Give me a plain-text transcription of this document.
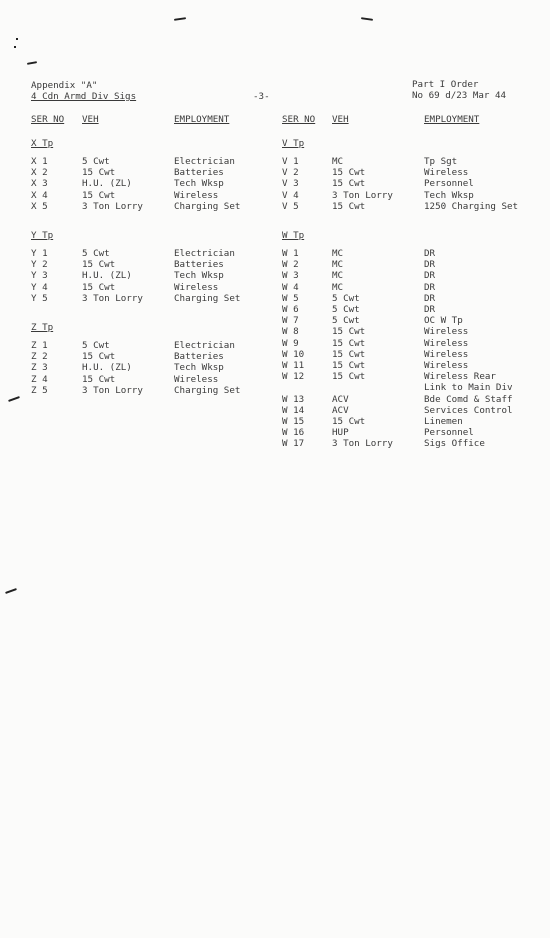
Appendix "A"
4 Cdn Armd Div Sigs	-3-
Part I Order
No 69 d/23 Mar 44
SER NO VEH	EMPLOYMENT	SER NO VEH	EMPLOYMENT
X Tp
X 1	5 Cwt	Electrician
X 2	15 Cwt	Batteries
X 3	H.U. (ZL)	Tech Wksp
X 4	15 Cwt	Wireless
X 5	3 Ton Lorry	Charging Set
Y Tp
Y 1	5 Cwt	Electrician
Y 2	15 Cwt	Batteries
Y 3	H.U. (ZL)	Tech Wksp
Y 4	15 Cwt	Wireless
Y 5	3 Ton Lorry	Charging Set
Z Tp
Z 1	5 Cwt	Electrician
Z 2	15 Cwt	Batteries
Z 3	H.U. (ZL)	Tech Wksp
Z 4	15 Cwt	Wireless
Z 5	3 Ton Lorry	Charging Set
V Tp
V 1	MC	Tp Sgt
V 2	15 Cwt	Wireless
V 3	15 Cwt	Personnel
V 4	3 Ton Lorry	Tech Wksp
V 5	15 Cwt	1250 Charging Set
W Tp
W 1	MC	DR
W 2	MC	DR
W 3	MC	DR
W 4	MC	DR
W 5	5 Cwt	DR
W 6	5 Cwt	DR
W 7	5 Cwt	OC W Tp
W 8	15 Cwt	Wireless
W 9	15 Cwt	Wireless
W 10	15 Cwt	Wireless
W 11	15 Cwt	Wireless
W 12	15 Cwt	Wireless Rear
Link to Main Div
W 13	ACV	Bde Comd & Staff
W 14	ACV	Services Control
W 15	15 Cwt	Linemen
W 16	HUP	Personnel
W 17	3 Ton Lorry	Sigs Office
